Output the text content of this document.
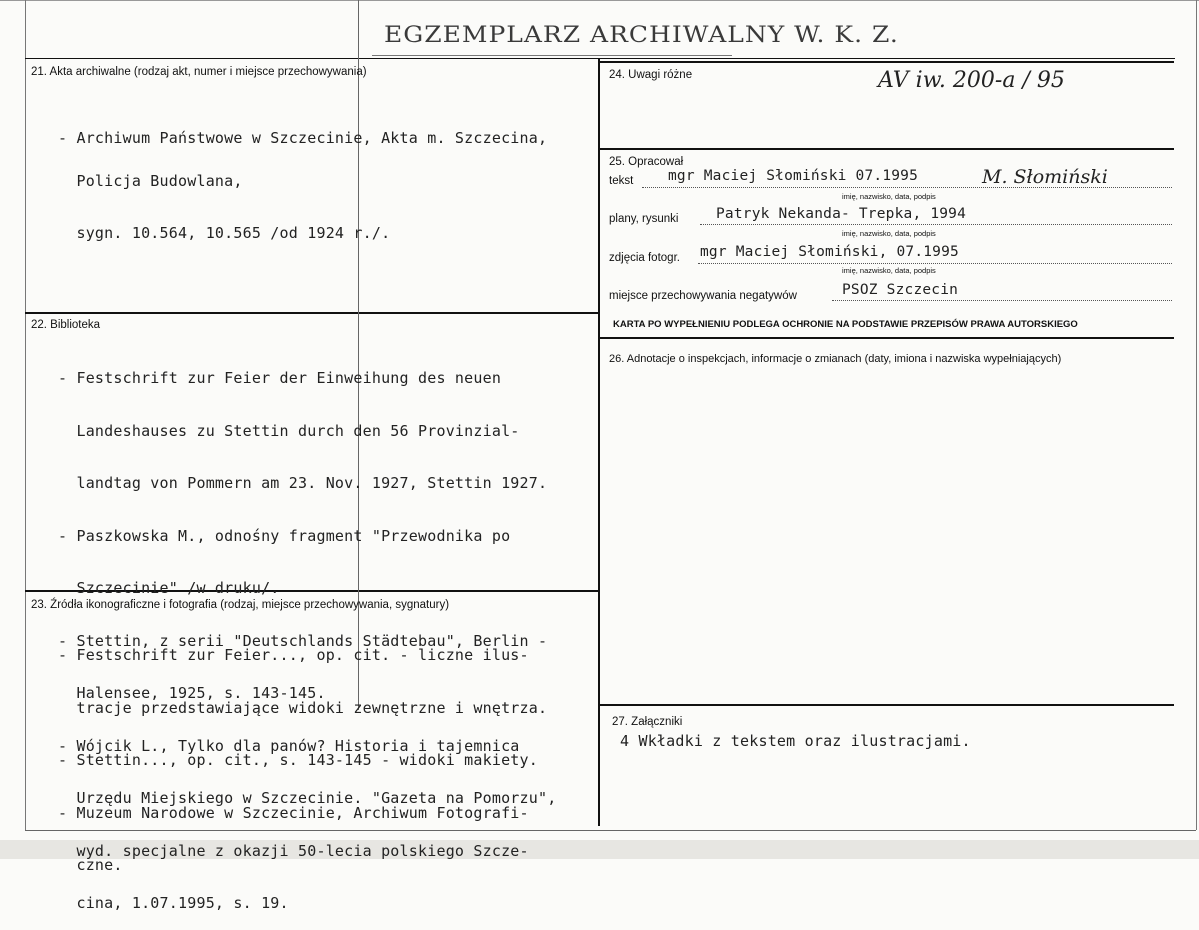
EGZEMPLARZ ARCHIWALNY W. K. Z.
21. Akta archiwalne (rodzaj akt, numer i miejsce przechowywania)

- Archiwum Państwowe w Szczecinie, Akta m. Szczecina,

Policja Budowlana,

sygn. 10.564, 10.565 /od 1924 r./.

22. Biblioteka

- Festschrift zur Feier der Einweihung des neuen

Landeshauses zu Stettin durch den 56 Provinzial-

landtag von Pommern am 23. Nov. 1927, Stettin 1927.

- Paszkowska M., odnośny fragment "Przewodnika po

Szczecinie" /w druku/.

- Stettin, z serii "Deutschlands Städtebau", Berlin -

Halensee, 1925, s. 143-145.

- Wójcik L., Tylko dla panów? Historia i tajemnica

Urzędu Miejskiego w Szczecinie. "Gazeta na Pomorzu",

wyd. specjalne z okazji 50-lecia polskiego Szcze-

cina, 1.07.1995, s. 19.

23. Źródła ikonograficzne i fotografia (rodzaj, miejsce przechowywania, sygnatury)

- Festschrift zur Feier..., op. cit. - liczne ilus-

tracje przedstawiające widoki zewnętrzne i wnętrza.

- Stettin..., op. cit., s. 143-145 - widoki makiety.

- Muzeum Narodowe w Szczecinie, Archiwum Fotografi-

czne.

24. Uwagi różne	AV iw. 200-a / 95
25. Opracował
tekst mgr Maciej Słomiński 07.1995	M. Słomiński
imię, nazwisko, data, podpis
plany, rysunki	Patryk Nekanda- Trepka, 1994
imię, nazwisko, data, podpis
zdjęcia fotogr. mgr Maciej Słomiński, 07.1995
imię, nazwisko, data, podpis
miejsce przechowywania negatywów	PSOZ Szczecin
KARTA PO WYPEŁNIENIU PODLEGA OCHRONIE NA PODSTAWIE PRZEPISÓW PRAWA AUTORSKIEGO
26. Adnotacje o inspekcjach, informacje o zmianach (daty, imiona i nazwiska wypełniających)
27. Załączniki
4 Wkładki z tekstem oraz ilustracjami.
